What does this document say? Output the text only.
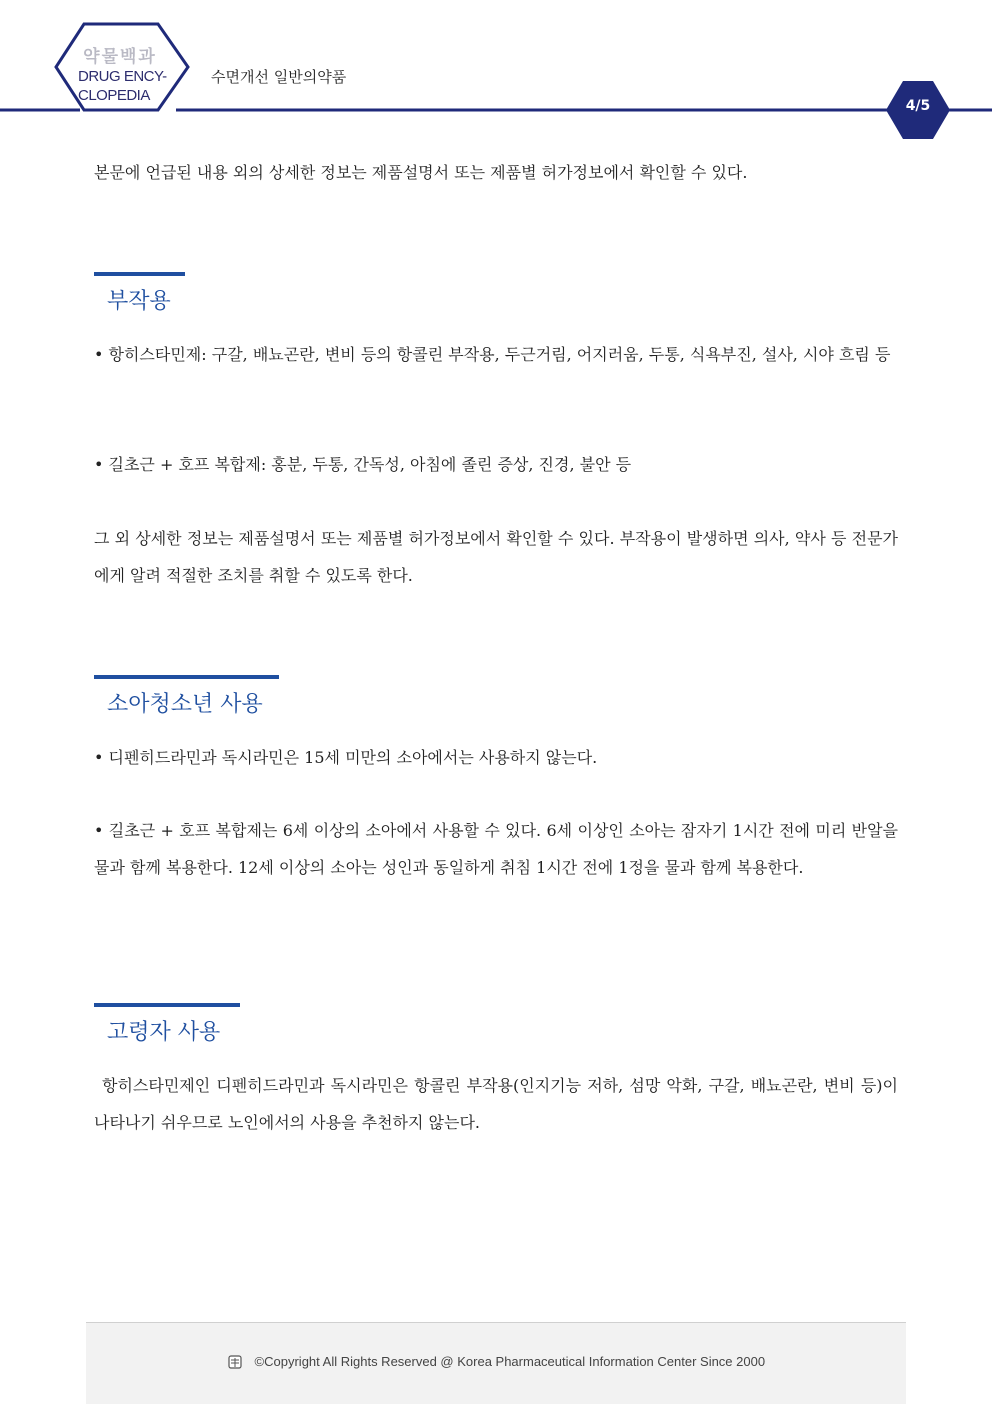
약물백과
DRUG ENCY-
CLOPEDIA
수면개선 일반의약품
4/5

본문에 언급된 내용 외의 상세한 정보는 제품설명서 또는 제품별 허가정보에서 확인할 수 있다.

부작용

• 항히스타민제: 구갈, 배뇨곤란, 변비 등의 항콜린 부작용, 두근거림, 어지러움, 두통, 식욕부진, 설사, 시야 흐림 등

• 길초근 + 호프 복합제: 홍분, 두통, 간독성, 아침에 졸린 증상, 진경, 불안 등

그 외 상세한 정보는 제품설명서 또는 제품별 허가정보에서 확인할 수 있다. 부작용이 발생하면 의사, 약사 등 전문가에게 알려 적절한 조치를 취할 수 있도록 한다.

소아청소년 사용

• 디펜히드라민과 독시라민은 15세 미만의 소아에서는 사용하지 않는다.

• 길초근 + 호프 복합제는 6세 이상의 소아에서 사용할 수 있다. 6세 이상인 소아는 잠자기 1시간 전에 미리 반알을 물과 함께 복용한다. 12세 이상의 소아는 성인과 동일하게 취침 1시간 전에 1정을 물과 함께 복용한다.

고령자 사용

항히스타민제인 디펜히드라민과 독시라민은 항콜린 부작용(인지기능 저하, 섬망 악화, 구갈, 배뇨곤란, 변비 등)이 나타나기 쉬우므로 노인에서의 사용을 추천하지 않는다.

©Copyright All Rights Reserved @ Korea Pharmaceutical Information Center Since 2000
